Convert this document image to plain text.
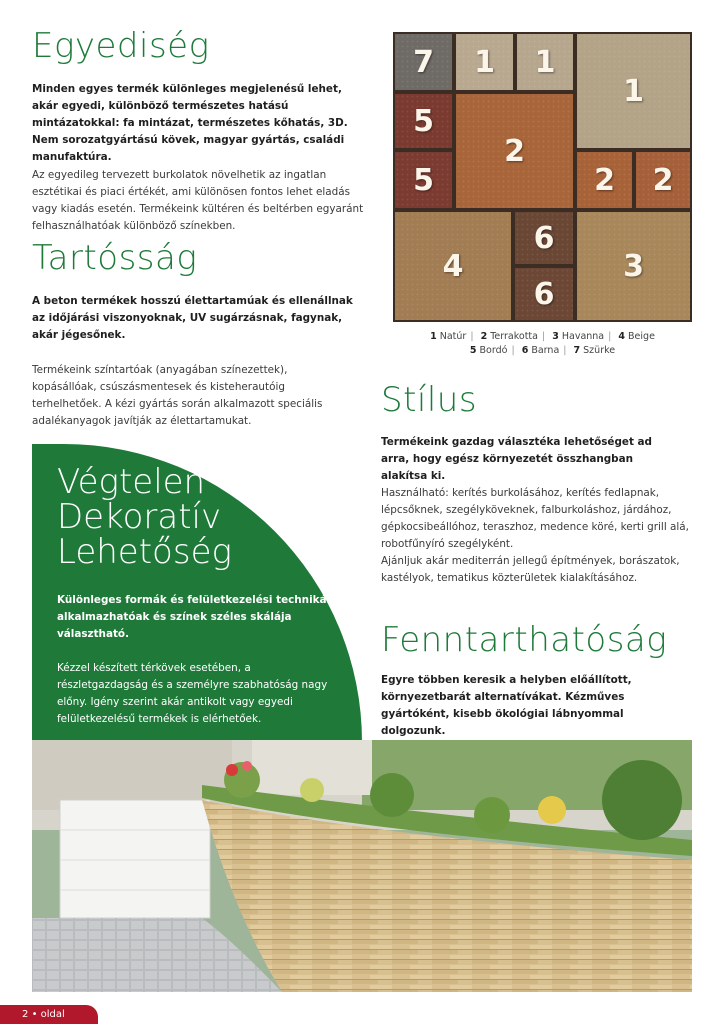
Egyediség

Minden egyes termék különleges megjelenésű lehet, akár egyedi, különböző természetes hatású mintázatokkal: fa mintázat, természetes kőhatás, 3D. Nem sorozatgyártású kövek, magyar gyártás, családi manufaktúra.

Az egyedileg tervezett burkolatok növelhetik az ingatlan esztétikai és piaci értékét, ami különösen fontos lehet eladás vagy kiadás esetén. Termékeink kültéren és beltérben egyaránt felhasználhatóak különböző színekben.

Tartósság

A beton termékek hosszú élettartamúak és ellenállnak az időjárási viszonyoknak, UV sugárzásnak, fagynak, akár jégesőnek.

Termékeink színtartóak (anyagában színezettek), kopásállóak, csúszásmentesek és kisteherautóig terhelhetőek. A kézi gyártás során alkalmazott speciális adalékanyagok javítják az élettartamukat.

7	1	1
1
5
2
5	2	2
4
6
6
3
1 Natúr | 2 Terrakotta | 3 Havanna | 4 Beige
5 Bordó | 6 Barna | 7 Szürke
Stílus

Termékeink gazdag választéka lehetőséget ad arra, hogy egész környezetét összhangban alakítsa ki.

Használható: kerítés burkolásához, kerítés fedlapnak, lépcsőknek, szegélyköveknek, falburkoláshoz, járdához, gépkocsibeállóhoz, teraszhoz, medence köré, kerti grill alá, robotfűnyíró szegélyként.

Ajánljuk akár mediterrán jellegű építmények, borászatok, kastélyok, tematikus közterületek kialakításához.

Végtelen
Dekoratív
Lehetőség

Különleges formák és felületkezelési technikák alkalmazhatóak és színek széles skálája választható.

Kézzel készített térkövek esetében, a részletgazdagság és a személyre szabhatóság nagy előny. Igény szerint akár antikolt vagy egyedi felületkezelésű termékek is elérhetőek.

Fenntarthatóság

Egyre többen keresik a helyben előállított, környezetbarát alternatívákat. Kézműves gyártóként, kisebb ökológiai lábnyommal dolgozunk.

2 • oldal
